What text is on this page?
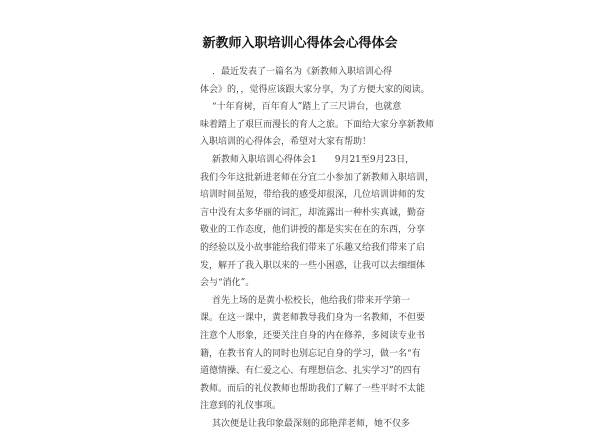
新教师入职培训心得体会心得体会
．最近发表了一篇名为《新教师入职培训心得
体会》的，，觉得应该跟大家分享，为了方便大家的阅读。
“十年育树，百年育人”踏上了三尺讲台，也就意
味着踏上了艰巨而漫长的育人之旅。下面给大家分享新教师
入职培训的心得体会，希望对大家有帮助！
新教师入职培训心得体会1　　9月21至9月23日，
我们今年这批新进老师在分宜二小参加了新教师入职培训，
培训时间虽短，带给我的感受却很深，几位培训讲师的发
言中没有太多华丽的词汇，却流露出一种朴实真诚，勤奋
敬业的工作态度，他们讲授的都是实实在在的东西，分享
的经验以及小故事能给我们带来了乐趣又给我们带来了启
发，解开了我入职以来的一些小困惑，让我可以去细细体
会与“消化”。
首先上场的是黄小松校长，他给我们带来开学第一
课。在这一课中，黄老师教导我们身为一名教师，不但要
注意个人形象，还要关注自身的内在修养，多阅读专业书
籍，在教书育人的同时也别忘记自身的学习，做一名“有
道德情操、有仁爱之心、有理想信念、扎实学习”的四有
教师。而后的礼仪教师也帮助我们了解了一些平时不太能
注意到的礼仪事项。
其次便是让我印象最深刻的邱艳萍老师，她不仅多
